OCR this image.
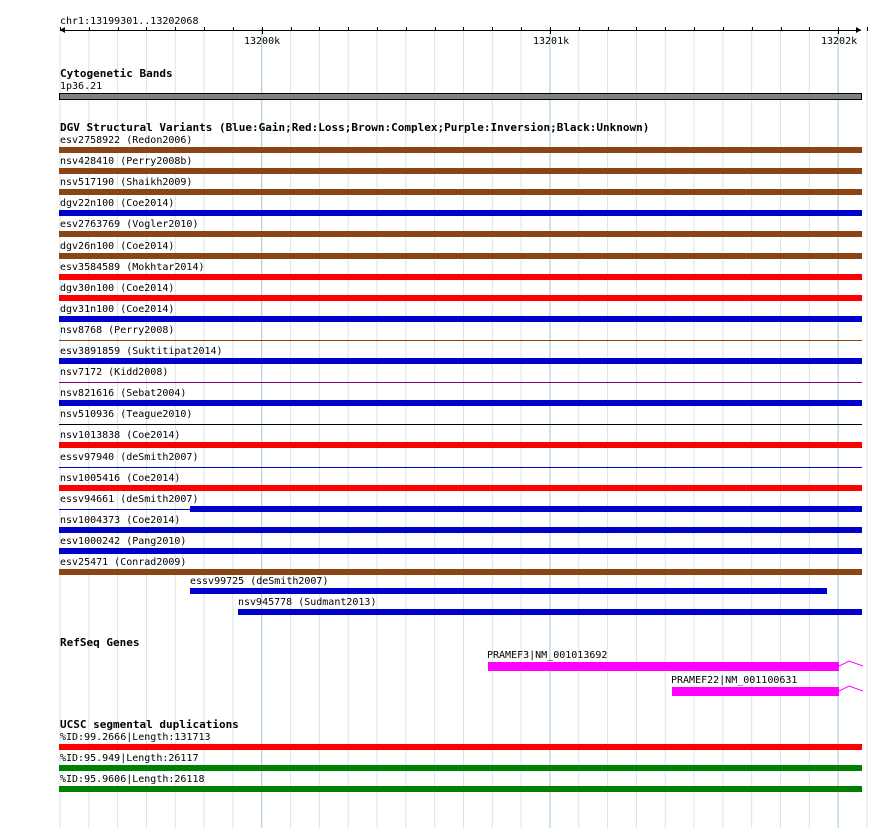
chr1:13199301..13202068
13200k	13201k	13202k
Cytogenetic Bands
1p36.21
DGV Structural Variants (Blue:Gain;Red:Loss;Brown:Complex;Purple:Inversion;Black:Unknown)
esv2758922 (Redon2006)
nsv428410 (Perry2008b)
nsv517190 (Shaikh2009)
dgv22n100 (Coe2014)
esv2763769 (Vogler2010)
dgv26n100 (Coe2014)
esv3584589 (Mokhtar2014)
dgv30n100 (Coe2014)
dgv31n100 (Coe2014)
nsv8768 (Perry2008)
esv3891859 (Suktitipat2014)
nsv7172 (Kidd2008)
nsv821616 (Sebat2004)
nsv510936 (Teague2010)
nsv1013838 (Coe2014)
essv97940 (deSmith2007)
nsv1005416 (Coe2014)
essv94661 (deSmith2007)
nsv1004373 (Coe2014)
esv1000242 (Pang2010)
esv25471 (Conrad2009)
essv99725 (deSmith2007)
nsv945778 (Sudmant2013)
RefSeq Genes
PRAMEF3|NM_001013692
PRAMEF22|NM_001100631
UCSC segmental duplications
%ID:99.2666|Length:131713
%ID:95.949|Length:26117
%ID:95.9606|Length:26118
